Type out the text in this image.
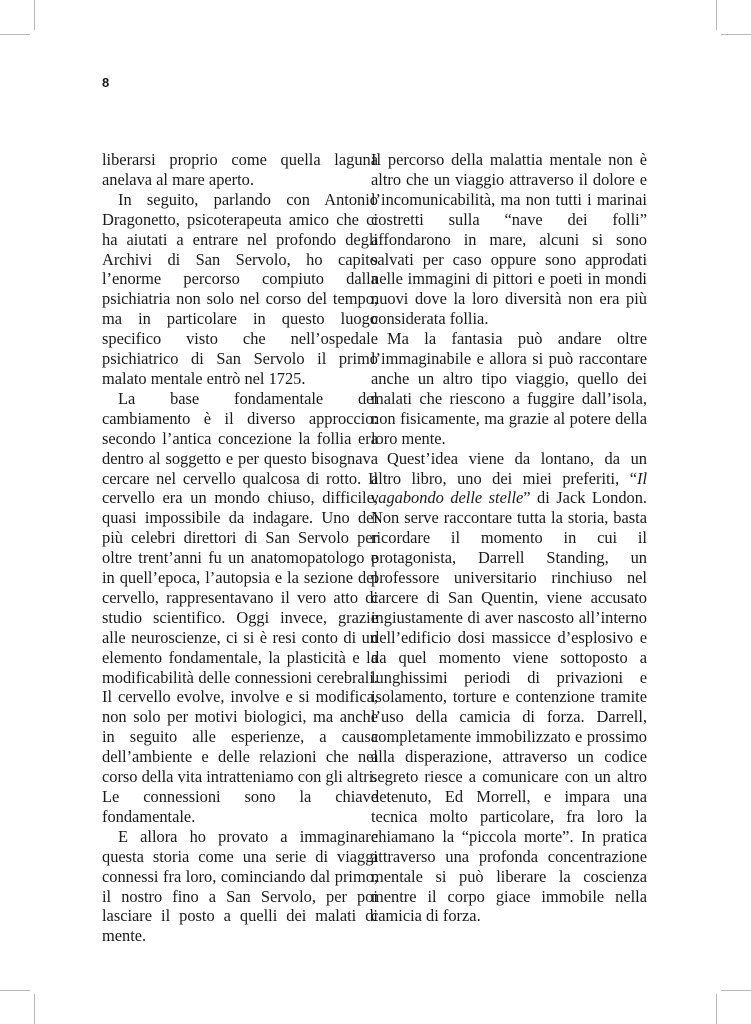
8

liberarsi proprio come quella laguna anelava al mare aperto.

In seguito, parlando con Antonio Dragonetto, psicoterapeuta amico che ci ha aiutati a entrare nel profondo degli Archivi di San Servolo, ho capito l’enorme percorso compiuto dalla psichiatria non solo nel corso del tempo, ma in particolare in questo luogo specifico visto che nell’ospedale psichiatrico di San Servolo il primo malato mentale entrò nel 1725.

La base fondamentale del cambiamento è il diverso approccio: secondo l’antica concezione la follia era dentro al soggetto e per questo bisognava cercare nel cervello qualcosa di rotto. Il cervello era un mondo chiuso, difficile, quasi impossibile da indagare. Uno dei più celebri direttori di San Servolo per oltre trent’anni fu un anatomopatologo e in quell’epoca, l’autopsia e la sezione del cervello, rappresentavano il vero atto di studio scientifico. Oggi invece, grazie alle neuroscienze, ci si è resi conto di un elemento fondamentale, la plasticità e la modificabilità delle connessioni cerebrali. Il cervello evolve, involve e si modifica, non solo per motivi biologici, ma anche in seguito alle esperienze, a causa dell’ambiente e delle relazioni che nel corso della vita intratteniamo con gli altri.

Le connessioni sono la chiave fondamentale.

E allora ho provato a immaginare questa storia come una serie di viaggi connessi fra loro, cominciando dal primo, il nostro fino a San Servolo, per poi lasciare il posto a quelli dei malati di mente.

Il percorso della malattia mentale non è altro che un viaggio attraverso il dolore e l’incomunicabilità, ma non tutti i marinai costretti sulla “nave dei folli” affondarono in mare, alcuni si sono salvati per caso oppure sono approdati nelle immagini di pittori e poeti in mondi nuovi dove la loro diversità non era più considerata follia.

Ma la fantasia può andare oltre l’immaginabile e allora si può raccontare anche un altro tipo viaggio, quello dei malati che riescono a fuggire dall’isola, non fisicamente, ma grazie al potere della loro mente.

Quest’idea viene da lontano, da un altro libro, uno dei miei preferiti, “Il vagabondo delle stelle” di Jack London. Non serve raccontare tutta la storia, basta ricordare il momento in cui il protagonista, Darrell Standing, un professore universitario rinchiuso nel carcere di San Quentin, viene accusato ingiustamente di aver nascosto all’interno dell’edificio dosi massicce d’esplosivo e da quel momento viene sottoposto a lunghissimi periodi di privazioni e isolamento, torture e contenzione tramite l’uso della camicia di forza. Darrell, completamente immobilizzato e prossimo alla disperazione, attraverso un codice segreto riesce a comunicare con un altro detenuto, Ed Morrell, e impara una tecnica molto particolare, fra loro la chiamano la “piccola morte”. In pratica attraverso una profonda concentrazione mentale si può liberare la coscienza mentre il corpo giace immobile nella camicia di forza.
